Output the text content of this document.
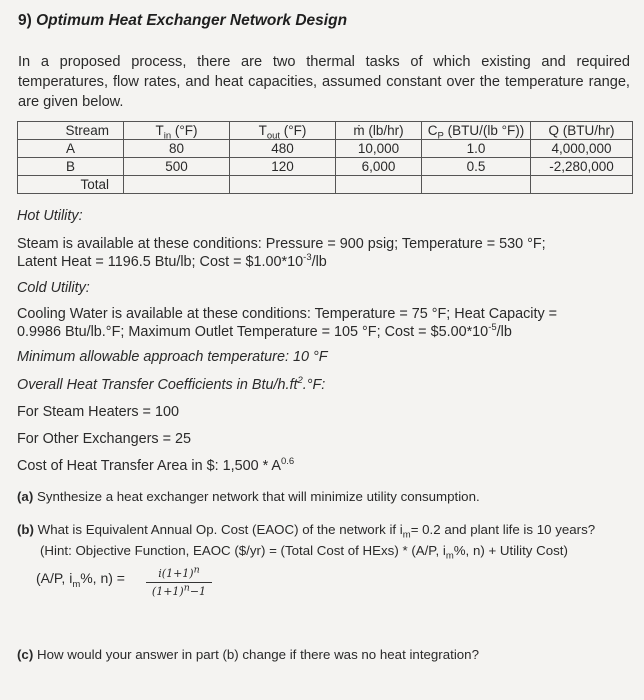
9) Optimum Heat Exchanger Network Design
In a proposed process, there are two thermal tasks of which existing and required temperatures, flow rates, and heat capacities, assumed constant over the temperature range, are given below.
Stream	$T_{in}$ (°F)	$T_{out}$ (°F)	ṁ (lb/hr)	$C_P$ (BTU/(lb °F))	Q (BTU/hr)
A	80	480	10,000	1.0	4,000,000
B	500	120	6,000	0.5	-2,280,000
Total					
Hot Utility:
Steam is available at these conditions: Pressure = 900 psig; Temperature = 530 °F;
Latent Heat = 1196.5 Btu/lb; Cost = $\$1.00*10^{-3}/lb$
Cold Utility:
Cooling Water is available at these conditions: Temperature = 75 °F; Heat Capacity =
0.9986 Btu/lb.°F; Maximum Outlet Temperature = 105 °F; Cost = $\$5.00*10^{-5}/lb$
Minimum allowable approach temperature: 10 °F
Overall Heat Transfer Coefficients in Btu/$h.ft^2.^\circ F$:
For Steam Heaters = 100
For Other Exchangers = 25
Cost of Heat Transfer Area in $: $1,500 * A^{0.6}$
(a) Synthesize a heat exchanger network that will minimize utility consumption.
(b) What is Equivalent Annual Op. Cost (EAOC) of the network if $i_m= 0.2$ and plant life is 10 years?
(Hint: Objective Function, EAOC ($/yr) = (Total Cost of HExs) * (A/P, $i_m\%$, n) + Utility Cost)
(A/P, $i_m\%$, $n) = \frac{i(1+1)^n}{(1+1)^n-1}$
(c) How would your answer in part (b) change if there was no heat integration?
